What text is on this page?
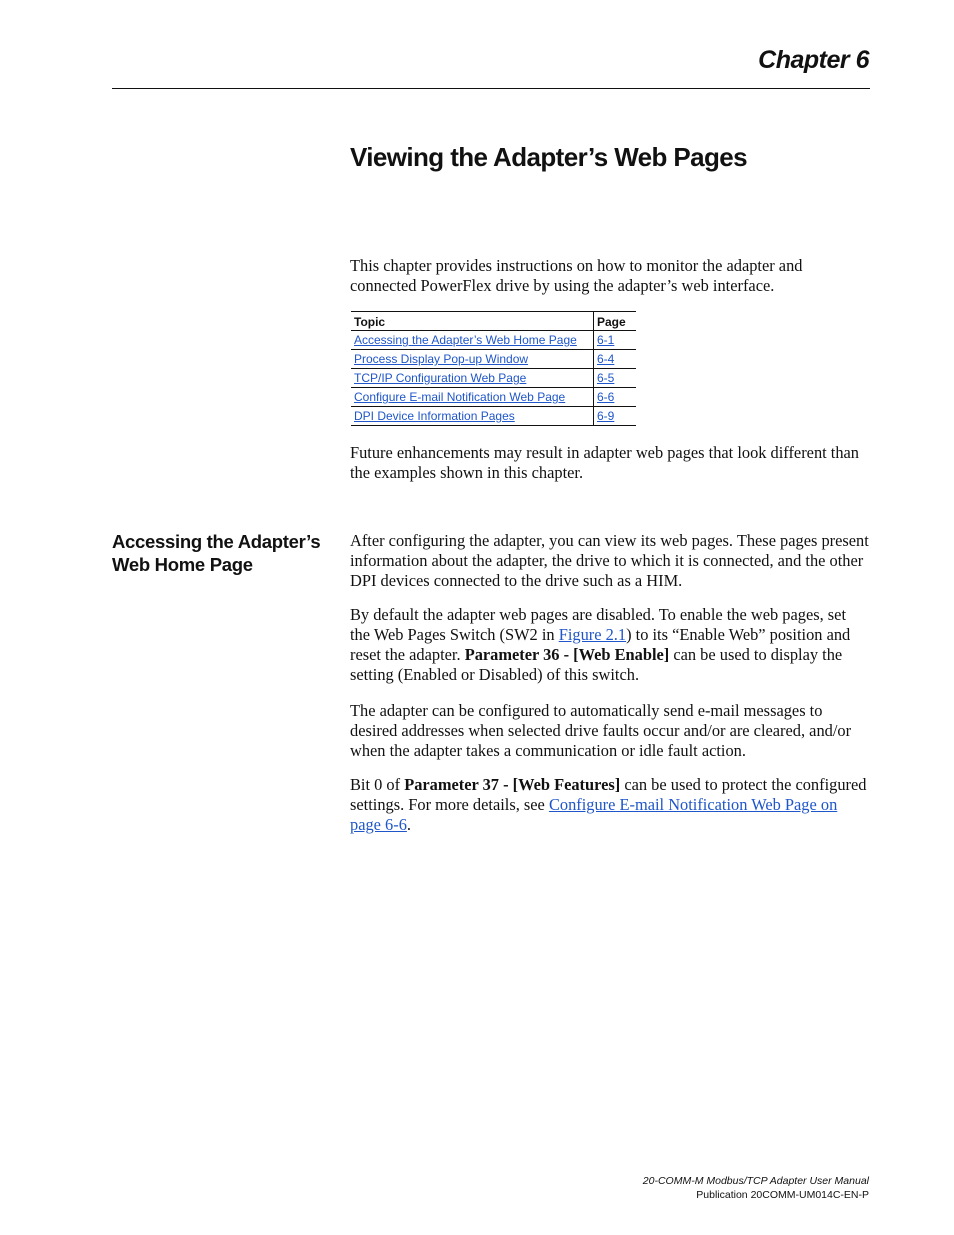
Chapter 6
Viewing the Adapter’s Web Pages

This chapter provides instructions on how to monitor the adapter and connected PowerFlex drive by using the adapter’s web interface.

Topic	Page
Accessing the Adapter’s Web Home Page	6-1
Process Display Pop-up Window	6-4
TCP/IP Configuration Web Page	6-5
Configure E-mail Notification Web Page	6-6
DPI Device Information Pages	6-9

Future enhancements may result in adapter web pages that look different than the examples shown in this chapter.

Accessing the Adapter’s Web Home Page

After configuring the adapter, you can view its web pages. These pages present information about the adapter, the drive to which it is connected, and the other DPI devices connected to the drive such as a HIM.

By default the adapter web pages are disabled. To enable the web pages, set the Web Pages Switch (SW2 in Figure 2.1) to its “Enable Web” position and reset the adapter. Parameter 36 - [Web Enable] can be used to display the setting (Enabled or Disabled) of this switch.

The adapter can be configured to automatically send e-mail messages to desired addresses when selected drive faults occur and/or are cleared, and/or when the adapter takes a communication or idle fault action.

Bit 0 of Parameter 37 - [Web Features] can be used to protect the configured settings. For more details, see Configure E-mail Notification Web Page on page 6-6.

20-COMM-M Modbus/TCP Adapter User Manual
Publication 20COMM-UM014C-EN-P
